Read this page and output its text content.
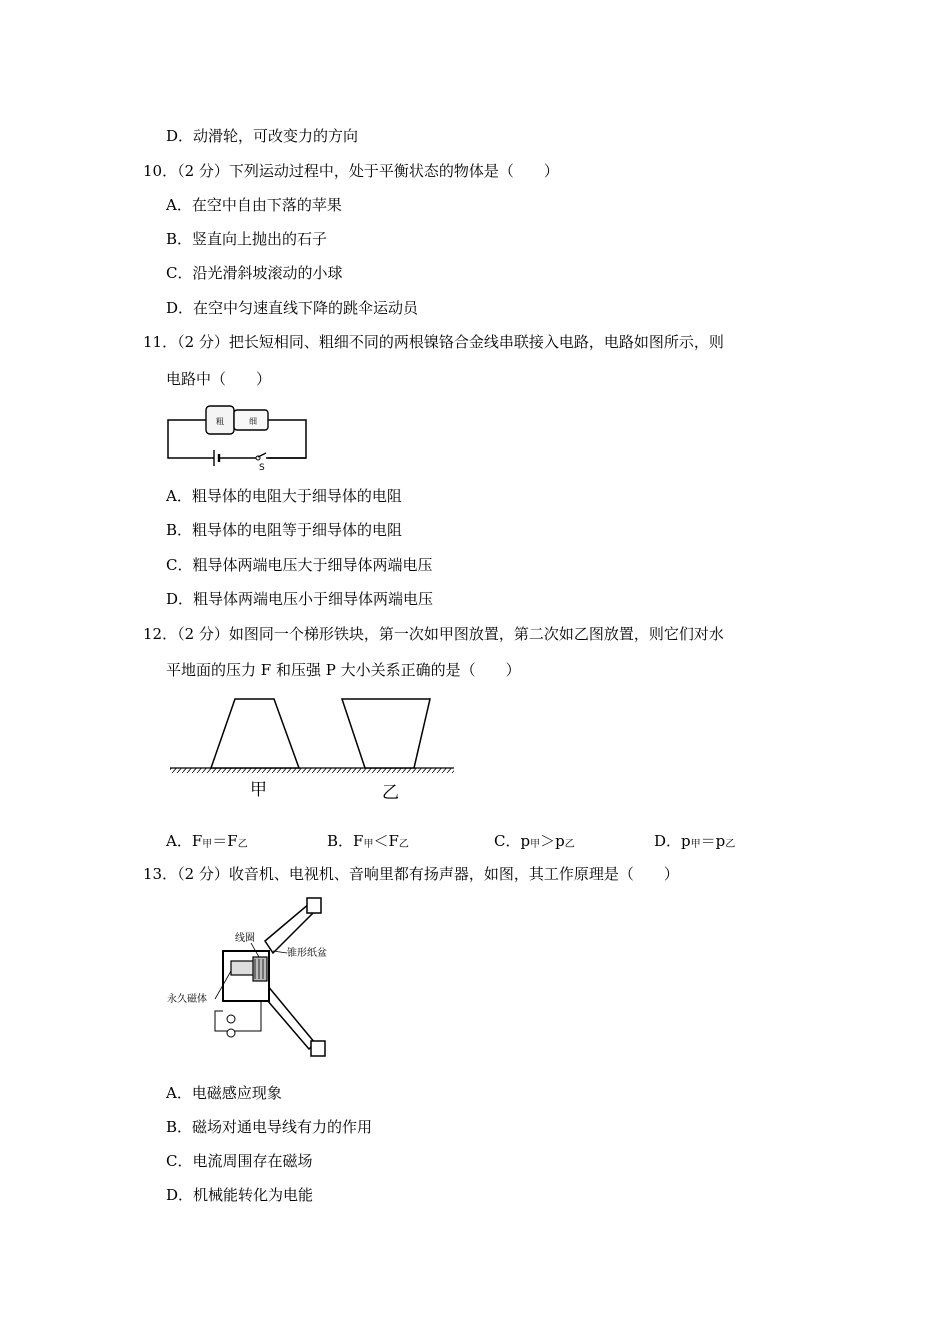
D．动滑轮，可改变力的方向
10．（2 分）下列运动过程中，处于平衡状态的物体是（　　）
A．在空中自由下落的苹果
B．竖直向上抛出的石子
C．沿光滑斜坡滚动的小球
D．在空中匀速直线下降的跳伞运动员
11．（2 分）把长短相同、粗细不同的两根镍铬合金线串联接入电路，电路如图所示，则
电路中（　　）
粗	细
S
A．粗导体的电阻大于细导体的电阻
B．粗导体的电阻等于细导体的电阻
C．粗导体两端电压大于细导体两端电压
D．粗导体两端电压小于细导体两端电压
12．（2 分）如图同一个梯形铁块，第一次如甲图放置，第二次如乙图放置，则它们对水
平地面的压力 F 和压强 P 大小关系正确的是（　　）
甲	乙
A．F甲＝F乙	B．F甲＜F乙	C．p甲＞p乙	D．p甲＝p乙
13．（2 分）收音机、电视机、音响里都有扬声器，如图，其工作原理是（　　）
线圈
锥形纸盆
永久磁体
A．电磁感应现象
B．磁场对通电导线有力的作用
C．电流周围存在磁场
D．机械能转化为电能
